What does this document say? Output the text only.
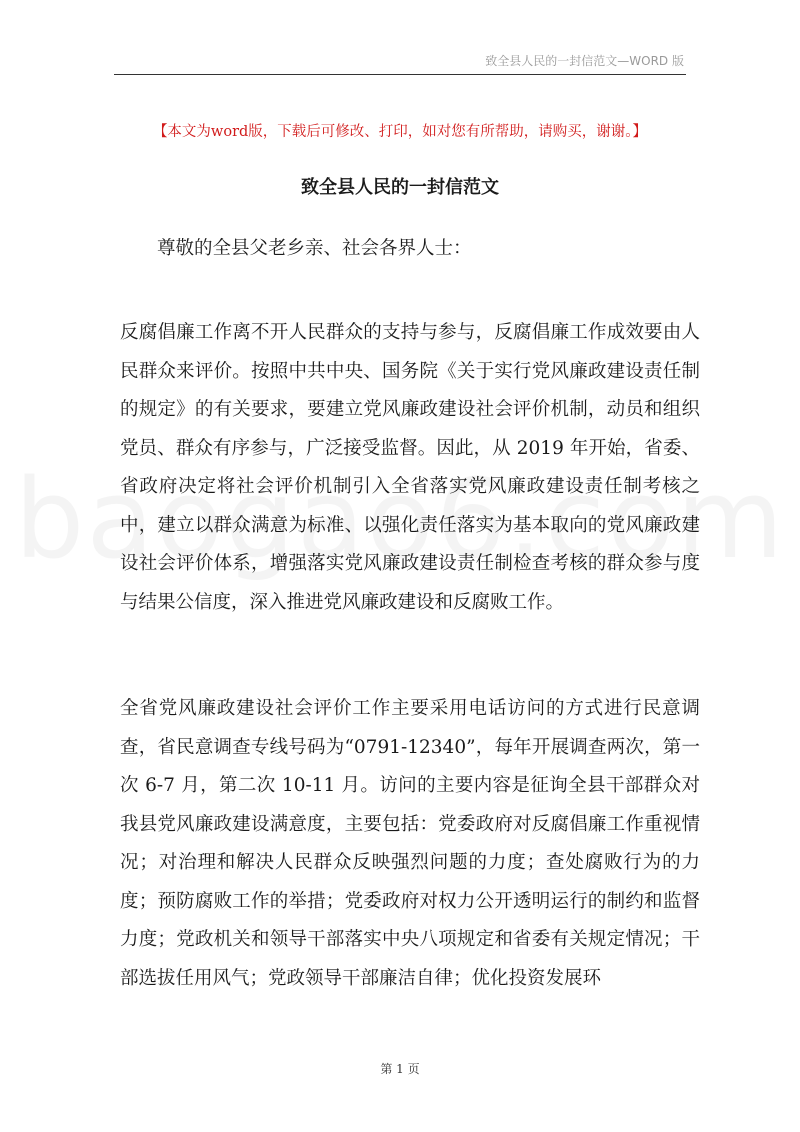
致全县人民的一封信范文—WORD 版
【本文为word版，下载后可修改、打印，如对您有所帮助，请购买，谢谢。】
致全县人民的一封信范文
尊敬的全县父老乡亲、社会各界人士：

反腐倡廉工作离不开人民群众的支持与参与，反腐倡廉工作成效要由人民群众来评价。按照中共中央、国务院《关于实行党风廉政建设责任制的规定》的有关要求，要建立党风廉政建设社会评价机制，动员和组织党员、群众有序参与，广泛接受监督。因此，从 2019 年开始，省委、省政府决定将社会评价机制引入全省落实党风廉政建设责任制考核之中，建立以群众满意为标准、以强化责任落实为基本取向的党风廉政建设社会评价体系，增强落实党风廉政建设责任制检查考核的群众参与度与结果公信度，深入推进党风廉政建设和反腐败工作。

全省党风廉政建设社会评价工作主要采用电话访问的方式进行民意调查，省民意调查专线号码为“0791-12340”，每年开展调查两次，第一次 6-7 月，第二次 10-11 月。访问的主要内容是征询全县干部群众对我县党风廉政建设满意度，主要包括：党委政府对反腐倡廉工作重视情况；对治理和解决人民群众反映强烈问题的力度；查处腐败行为的力度；预防腐败工作的举措；党委政府对权力公开透明运行的制约和监督力度；党政机关和领导干部落实中央八项规定和省委有关规定情况；干部选拔任用风气；党政领导干部廉洁自律；优化投资发展环

第 1 页
